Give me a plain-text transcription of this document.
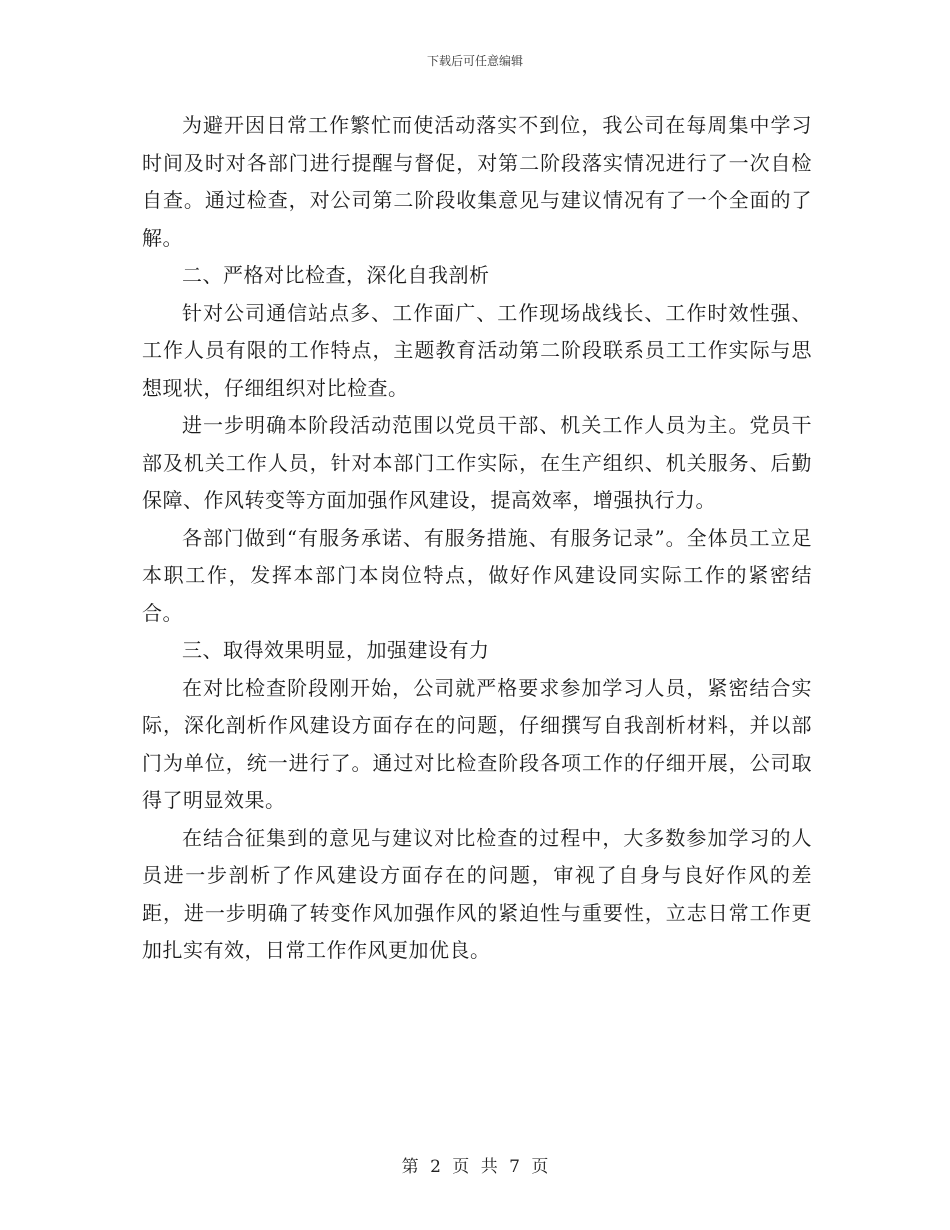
下载后可任意编辑

为避开因日常工作繁忙而使活动落实不到位，我公司在每周集中学习时间及时对各部门进行提醒与督促，对第二阶段落实情况进行了一次自检自查。通过检查，对公司第二阶段收集意见与建议情况有了一个全面的了解。

二、严格对比检查，深化自我剖析

针对公司通信站点多、工作面广、工作现场战线长、工作时效性强、工作人员有限的工作特点，主题教育活动第二阶段联系员工工作实际与思想现状，仔细组织对比检查。

进一步明确本阶段活动范围以党员干部、机关工作人员为主。党员干部及机关工作人员，针对本部门工作实际，在生产组织、机关服务、后勤保障、作风转变等方面加强作风建设，提高效率，增强执行力。

各部门做到“有服务承诺、有服务措施、有服务记录”。全体员工立足本职工作，发挥本部门本岗位特点，做好作风建设同实际工作的紧密结合。

三、取得效果明显，加强建设有力

在对比检查阶段刚开始，公司就严格要求参加学习人员，紧密结合实际，深化剖析作风建设方面存在的问题，仔细撰写自我剖析材料，并以部门为单位，统一进行了。通过对比检查阶段各项工作的仔细开展，公司取得了明显效果。

在结合征集到的意见与建议对比检查的过程中，大多数参加学习的人员进一步剖析了作风建设方面存在的问题，审视了自身与良好作风的差距，进一步明确了转变作风加强作风的紧迫性与重要性，立志日常工作更加扎实有效，日常工作作风更加优良。

第 2 页 共 7 页
